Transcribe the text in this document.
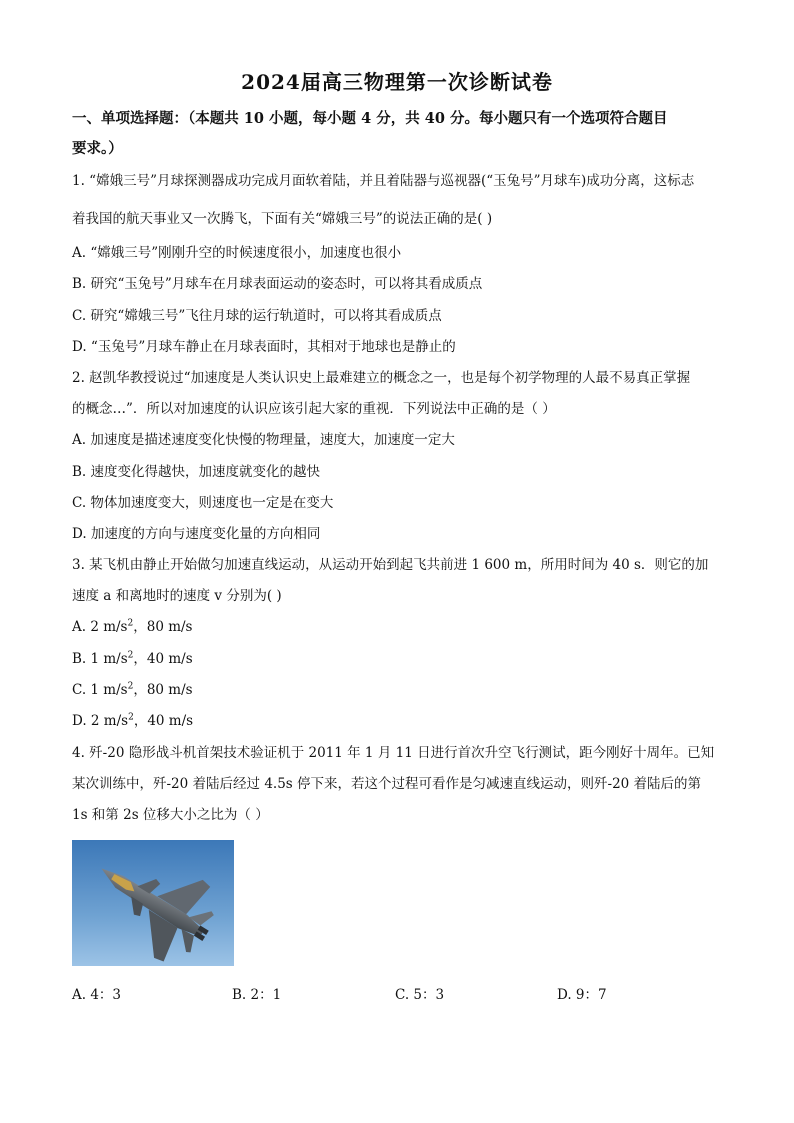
2024届高三物理第一次诊断试卷
一、单项选择题：（本题共 10 小题，每小题 4 分，共 40 分。每小题只有一个选项符合题目
要求。）
1. “嫦娥三号”月球探测器成功完成月面软着陆，并且着陆器与巡视器(“玉兔号”月球车)成功分离，这标志
着我国的航天事业又一次腾飞，下面有关“嫦娥三号”的说法正确的是( )
A. “嫦娥三号”刚刚升空的时候速度很小，加速度也很小
B. 研究“玉兔号”月球车在月球表面运动的姿态时，可以将其看成质点
C. 研究“嫦娥三号”飞往月球的运行轨道时，可以将其看成质点
D. “玉兔号”月球车静止在月球表面时，其相对于地球也是静止的
2. 赵凯华教授说过“加速度是人类认识史上最难建立的概念之一，也是每个初学物理的人最不易真正掌握
的概念…”．所以对加速度的认识应该引起大家的重视．下列说法中正确的是（ ）
A. 加速度是描述速度变化快慢的物理量，速度大，加速度一定大
B. 速度变化得越快，加速度就变化的越快
C. 物体加速度变大，则速度也一定是在变大
D. 加速度的方向与速度变化量的方向相同
3. 某飞机由静止开始做匀加速直线运动，从运动开始到起飞共前进 1 600 m，所用时间为 40 s．则它的加
速度 a 和离地时的速度 v 分别为( )
A. 2 $m/s^2$，80 m/s
B. 1 $m/s^2$，40 m/s
C. 1 $m/s^2$，80 m/s
D. 2 $m/s^2$，40 m/s
4. 歼-20 隐形战斗机首架技术验证机于 2011 年 1 月 11 日进行首次升空飞行测试，距今刚好十周年。已知
某次训练中，歼-20 着陆后经过 4.5s 停下来，若这个过程可看作是匀减速直线运动，则歼-20 着陆后的第
1s 和第 2s 位移大小之比为（ ）
A. 4：3	B. 2：1	C. 5：3	D. 9：7
